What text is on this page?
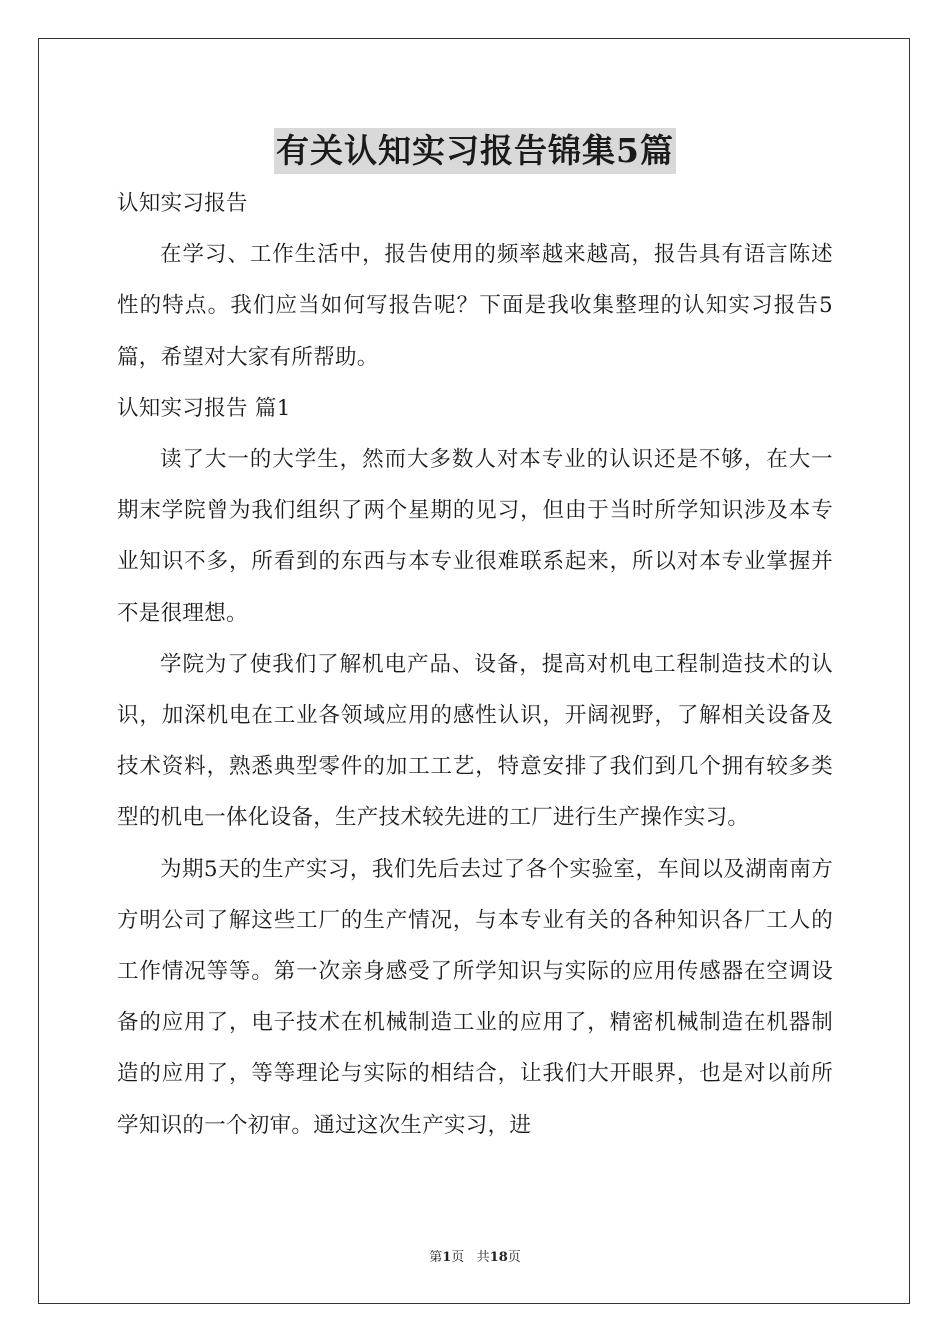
有关认知实习报告锦集5篇

认知实习报告

在学习、工作生活中，报告使用的频率越来越高，报告具有语言陈述性的特点。我们应当如何写报告呢？下面是我收集整理的认知实习报告5篇，希望对大家有所帮助。

认知实习报告 篇1

读了大一的大学生，然而大多数人对本专业的认识还是不够，在大一期末学院曾为我们组织了两个星期的见习，但由于当时所学知识涉及本专业知识不多，所看到的东西与本专业很难联系起来，所以对本专业掌握并不是很理想。

学院为了使我们了解机电产品、设备，提高对机电工程制造技术的认识，加深机电在工业各领域应用的感性认识，开阔视野，了解相关设备及技术资料，熟悉典型零件的加工工艺，特意安排了我们到几个拥有较多类型的机电一体化设备，生产技术较先进的工厂进行生产操作实习。

为期5天的生产实习，我们先后去过了各个实验室，车间以及湖南南方方明公司了解这些工厂的生产情况，与本专业有关的各种知识各厂工人的工作情况等等。第一次亲身感受了所学知识与实际的应用传感器在空调设备的应用了，电子技术在机械制造工业的应用了，精密机械制造在机器制造的应用了，等等理论与实际的相结合，让我们大开眼界，也是对以前所学知识的一个初审。通过这次生产实习，进

第1页 共18页
